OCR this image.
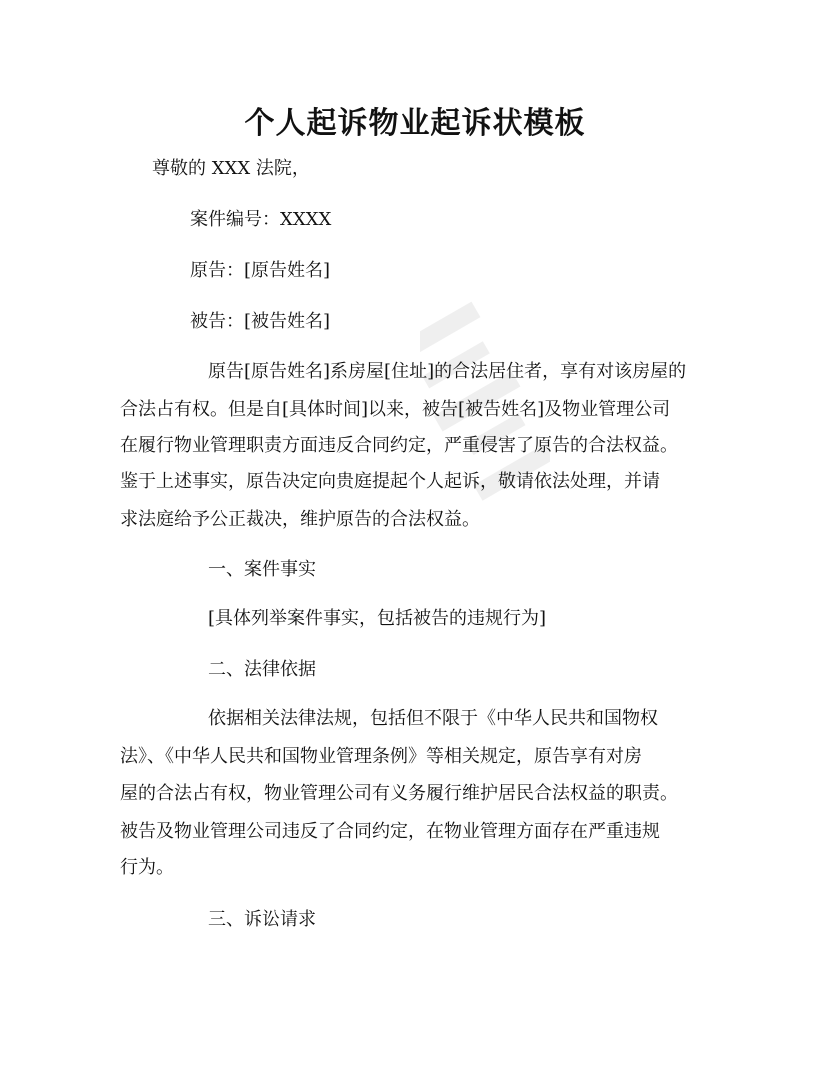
个人起诉物业起诉状模板
尊敬的 XXX 法院，
案件编号：XXXX
原告：[原告姓名]
被告：[被告姓名]
原告[原告姓名]系房屋[住址]的合法居住者，享有对该房屋的
合法占有权。但是自[具体时间]以来，被告[被告姓名]及物业管理公司
在履行物业管理职责方面违反合同约定，严重侵害了原告的合法权益。
鉴于上述事实，原告决定向贵庭提起个人起诉，敬请依法处理，并请
求法庭给予公正裁决，维护原告的合法权益。
一、案件事实
[具体列举案件事实，包括被告的违规行为]
二、法律依据
依据相关法律法规，包括但不限于《中华人民共和国物权
法》、《中华人民共和国物业管理条例》等相关规定，原告享有对房
屋的合法占有权，物业管理公司有义务履行维护居民合法权益的职责。
被告及物业管理公司违反了合同约定，在物业管理方面存在严重违规
行为。
三、诉讼请求
